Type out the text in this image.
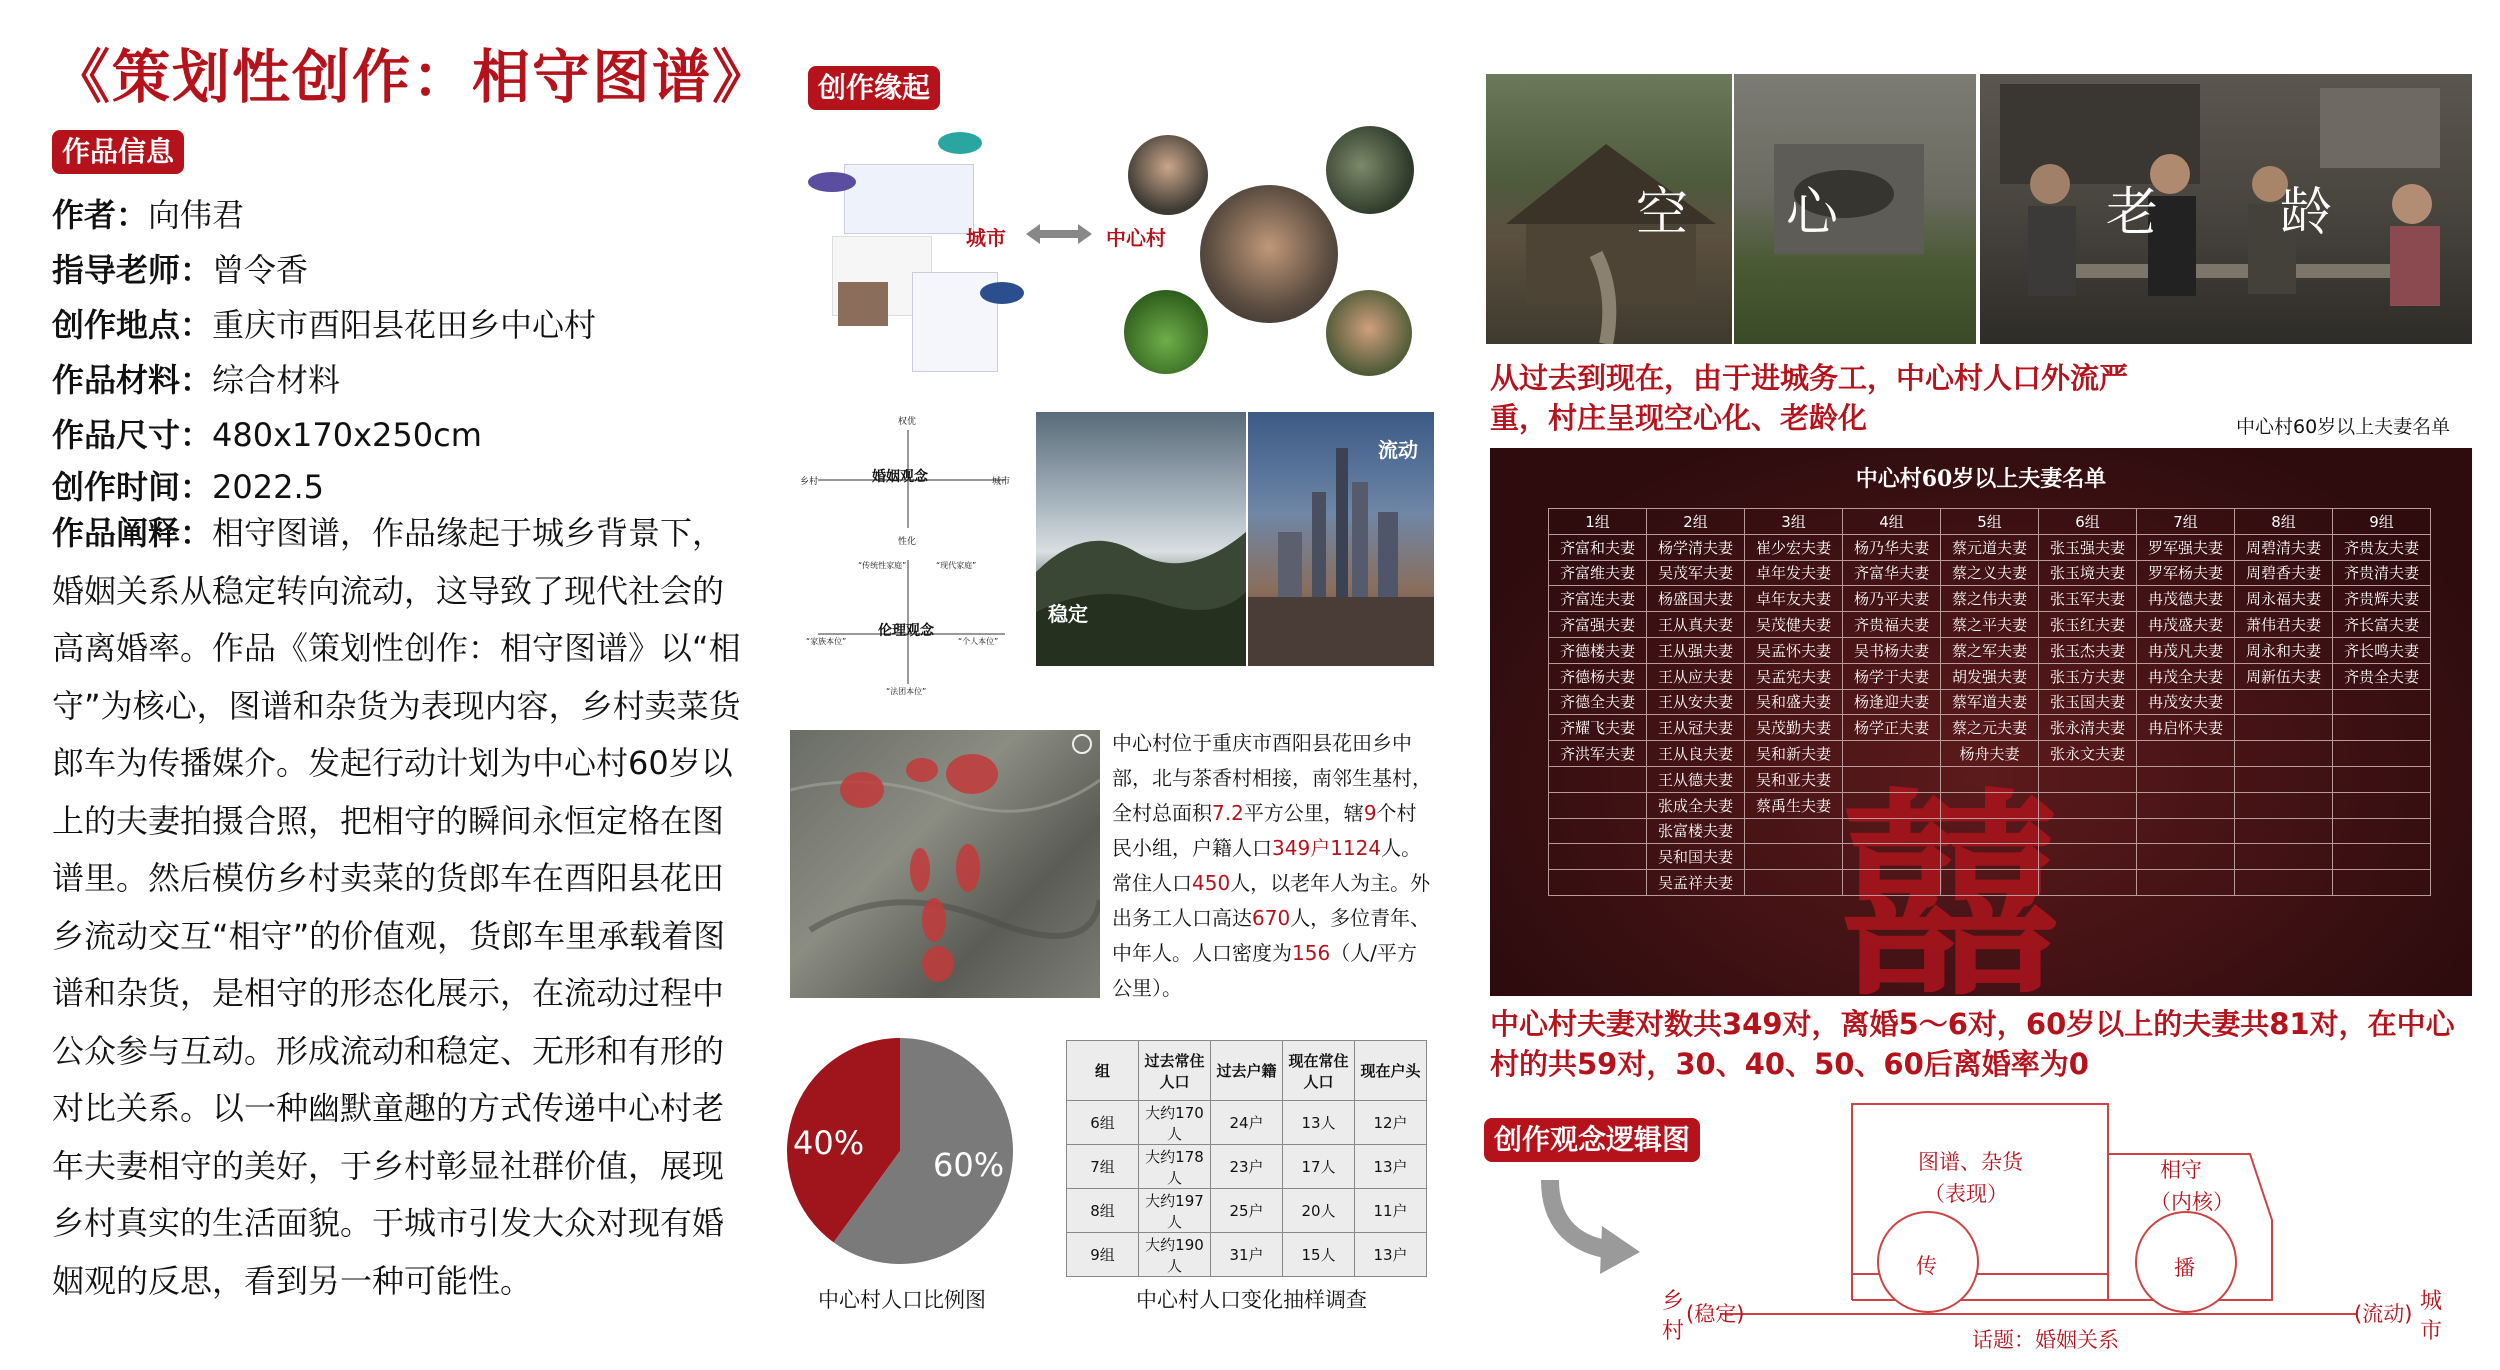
《策划性创作：相守图谱》
作品信息
作者：向伟君
指导老师：曾令香
创作地点：重庆市酉阳县花田乡中心村
作品材料：综合材料
作品尺寸：480x170x250cm
创作时间：2022.5
作品阐释：相守图谱，作品缘起于城乡背景下，婚姻关系从稳定转向流动，这导致了现代社会的高离婚率。作品《策划性创作：相守图谱》以“相守”为核心，图谱和杂货为表现内容，乡村卖菜货郎车为传播媒介。发起行动计划为中心村60岁以上的夫妻拍摄合照，把相守的瞬间永恒定格在图谱里。然后模仿乡村卖菜的货郎车在酉阳县花田乡流动交互“相守”的价值观，货郎车里承载着图谱和杂货，是相守的形态化展示，在流动过程中公众参与互动。形成流动和稳定、无形和有形的对比关系。以一种幽默童趣的方式传递中心村老年夫妻相守的美好，于乡村彰显社群价值，展现乡村真实的生活面貌。于城市引发大众对现有婚姻观的反思，看到另一种可能性。
创作缘起
城市	中心村
权优
乡村	城市
婚姻观念
性化
“传统性家庭”	“现代家庭”
伦理观念
“家族本位”	“个人本位”
“法团本位”
稳定
流动
中心村位于重庆市酉阳县花田乡中部，北与茶香村相接，南邻生基村，全村总面积7.2平方公里，辖9个村民小组，户籍人口349户1124人。常住人口450人，以老年人为主。外出务工人口高达670人，多位青年、中年人。人口密度为156（人/平方公里）。
40%
60%
中心村人口比例图
组	过去常住人口	过去户籍	现在常住人口	现在户头
6组	大约170人	24户	13人	12户
7组	大约178人	23户	17人	13户
8组	大约197人	25户	20人	11户
9组	大约190人	31户	15人	13户
中心村人口变化抽样调查
空 心	老 龄
从过去到现在，由于进城务工，中心村人口外流严重，村庄呈现空心化、老龄化	中心村60岁以上夫妻名单
囍
中心村60岁以上夫妻名单
1组	2组	3组	4组	5组	6组	7组	8组	9组
齐富和夫妻	杨学清夫妻	崔少宏夫妻	杨乃华夫妻	蔡元道夫妻	张玉强夫妻	罗军强夫妻	周碧清夫妻	齐贵友夫妻
齐富维夫妻	吴茂军夫妻	卓年发夫妻	齐富华夫妻	蔡之义夫妻	张玉境夫妻	罗军杨夫妻	周碧香夫妻	齐贵清夫妻
齐富连夫妻	杨盛国夫妻	卓年友夫妻	杨乃平夫妻	蔡之伟夫妻	张玉军夫妻	冉茂德夫妻	周永福夫妻	齐贵辉夫妻
齐富强夫妻	王从真夫妻	吴茂健夫妻	齐贵福夫妻	蔡之平夫妻	张玉红夫妻	冉茂盛夫妻	萧伟君夫妻	齐长富夫妻
齐德楼夫妻	王从强夫妻	吴孟怀夫妻	吴书杨夫妻	蔡之军夫妻	张玉杰夫妻	冉茂凡夫妻	周永和夫妻	齐长鸣夫妻
齐德杨夫妻	王从应夫妻	吴孟宪夫妻	杨学于夫妻	胡发强夫妻	张玉方夫妻	冉茂全夫妻	周新伍夫妻	齐贵全夫妻
齐德全夫妻	王从安夫妻	吴和盛夫妻	杨逢迎夫妻	蔡军道夫妻	张玉国夫妻	冉茂安夫妻		
齐耀飞夫妻	王从冠夫妻	吴茂勤夫妻	杨学正夫妻	蔡之元夫妻	张永清夫妻	冉启怀夫妻		
齐洪军夫妻	王从良夫妻	吴和新夫妻		杨舟夫妻	张永文夫妻			
	王从德夫妻	吴和亚夫妻						
	张成全夫妻	蔡禹生夫妻						
	张富楼夫妻							
	吴和国夫妻							
	吴孟祥夫妻							
中心村夫妻对数共349对，离婚5～6对，60岁以上的夫妻共81对，在中心村的共59对，30、40、50、60后离婚率为0
创作观念逻辑图
图谱、杂货
（表现）
相守
（内核）
传	播
乡
村
(稳定)
话题：婚姻关系
(流动) 城
市
